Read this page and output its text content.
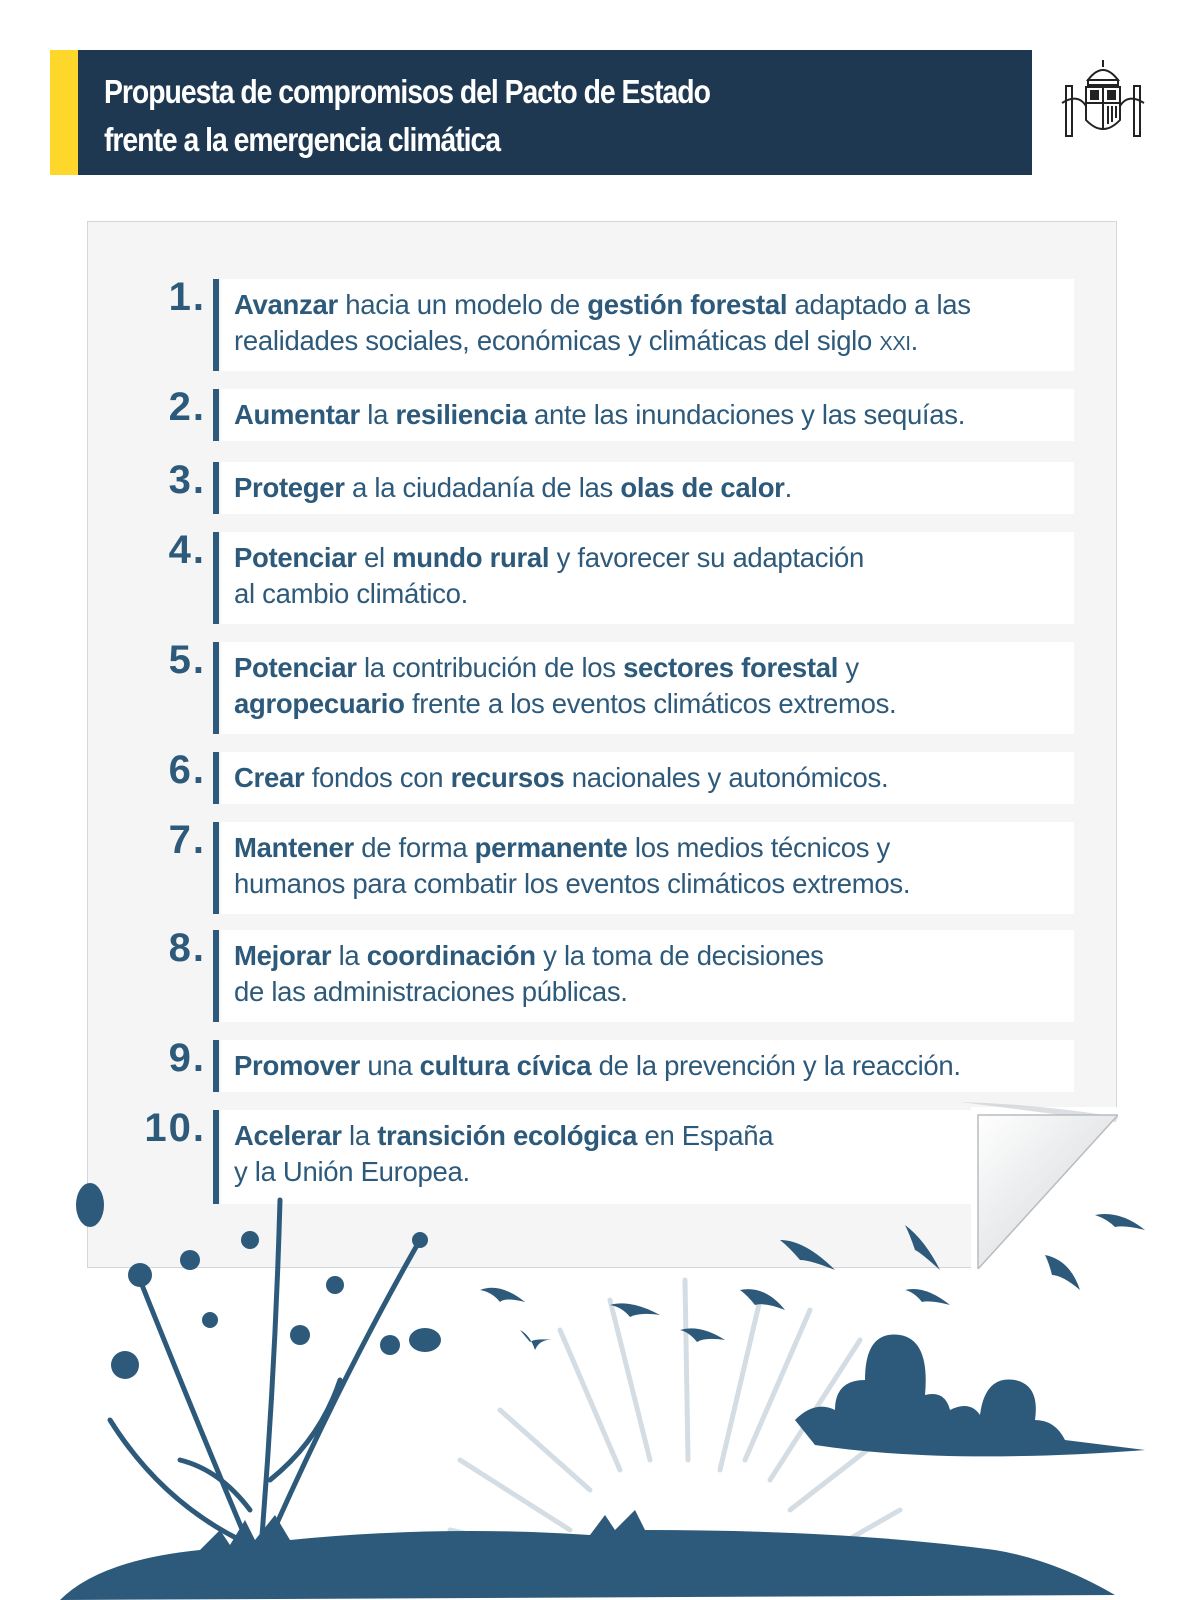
Propuesta de compromisos del Pacto de Estado
frente a la emergencia climática
1. Avanzar hacia un modelo de gestión forestal adaptado a las realidades sociales, económicas y climáticas del siglo XXI.
2. Aumentar la resiliencia ante las inundaciones y las sequías.
3. Proteger a la ciudadanía de las olas de calor.
4. Potenciar el mundo rural y favorecer su adaptación
al cambio climático.
5. Potenciar la contribución de los sectores forestal y
agropecuario frente a los eventos climáticos extremos.
6. Crear fondos con recursos nacionales y autonómicos.
7. Mantener de forma permanente los medios técnicos y
humanos para combatir los eventos climáticos extremos.
8. Mejorar la coordinación y la toma de decisiones
de las administraciones públicas.
9. Promover una cultura cívica de la prevención y la reacción.
10. Acelerar la transición ecológica en España
y la Unión Europea.
